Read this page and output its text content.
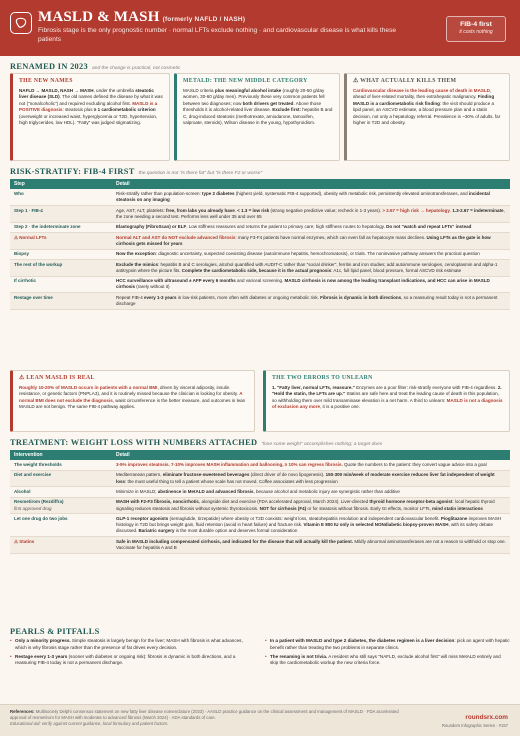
MASLD & MASH (formerly NAFLD / NASH)
Fibrosis stage is the only prognostic number · normal LFTs exclude nothing · and cardiovascular disease is what kills these patients
FIB-4 first
it costs nothing
RENAMED IN 2023 and the change is practical, not cosmetic
THE NEW NAMES

NAFLD → MASLD, NASH → MASH, under the umbrella steatotic liver disease (SLD). The old names defined the disease by what it was not ("nonalcoholic") and required excluding alcohol first. MASLD is a POSITIVE diagnosis: steatosis plus ≥ 1 cardiometabolic criterion (overweight or increased waist, hyperglycemia or T2D, hypertension, high triglycerides, low HDL). "Fatty" was judged stigmatizing.

METALD: THE NEW MIDDLE CATEGORY

MASLD criteria plus meaningful alcohol intake (roughly 20-50 g/day women, 30-60 g/day men). Previously these very common patients fell between two diagnoses; now both drivers get treated. Above those thresholds it is alcohol-related liver disease. Exclude first: hepatitis B and C, drug-induced steatosis (methotrexate, amiodarone, tamoxifen, valproate, steroids), Wilson disease in the young, hypothyroidism.

⚠ WHAT ACTUALLY KILLS THEM

Cardiovascular disease is the leading cause of death in MASLD, ahead of liver-related mortality, then extrahepatic malignancy. Finding MASLD is a cardiometabolic risk finding: the visit should produce a lipid panel, an ASCVD estimate, a blood pressure plan and a statin decision, not only a hepatology referral. Prevalence is ~30% of adults, far higher in T2D and obesity.

RISK-STRATIFY: FIB-4 FIRST the question is not "is there fat" but "is there F2 or worse"
Step	Detail
Who	Risk-stratify rather than population-screen: type 2 diabetes (highest yield, systematic FIB-4 supported), obesity with metabolic risk, persistently elevated aminotransferases, and incidental steatosis on any imaging
Step 1 · FIB-4	Age, AST, ALT, platelets: free, from labs you already have. < 1.3 = low risk (strong negative predictive value; recheck in 1-3 years). > 2.67 = high risk → hepatology. 1.3-2.67 = indeterminate, the zone needing a second test. Performs less well under 35 and over 65
Step 2 · the indeterminate zone	Elastography (FibroScan) or ELF. Low stiffness reassures and returns the patient to primary care; high stiffness routes to hepatology. Do not "watch and repeat LFTs" instead
⚠ Normal LFTs	Normal ALT and AST do NOT exclude advanced fibrosis: many F3-F4 patients have normal enzymes, which can even fall as hepatocyte mass declines. Using LFTs as the gate is how cirrhosis gets missed for years
Biopsy	Now the exception: diagnostic uncertainty, suspected coexisting disease (autoimmune hepatitis, hemochromatosis), or trials. The noninvasive pathway answers the practical question
The rest of the workup	Exclude the mimics: hepatitis B and C serologies, alcohol quantified with AUDIT-C rather than "social drinker", ferritin and iron studies; add autoimmune serologies, ceruloplasmin and alpha-1 antitrypsin where the picture fits. Complete the cardiometabolic side, because it is the actual prognosis: A1c, full lipid panel, blood pressure, formal ASCVD risk estimate
If cirrhotic	HCC surveillance with ultrasound ± AFP every 6 months and variceal screening. MASLD cirrhosis is now among the leading transplant indications, and HCC can arise in MASLD cirrhosis (rarely without it)
Restage over time	Repeat FIB-4 every 1-3 years in low-risk patients, more often with diabetes or ongoing metabolic risk. Fibrosis is dynamic in both directions, so a reassuring result today is not a permanent discharge
⚠ LEAN MASLD IS REAL

Roughly 10-20% of MASLD occurs in patients with a normal BMI, driven by visceral adiposity, insulin resistance, or genetic factors (PNPLA3), and it is routinely missed because the clinician is looking for obesity. A normal BMI does not exclude the diagnosis, waist circumference is the better measure, and outcomes in lean MASLD are not benign. The same FIB-4 pathway applies.

THE TWO ERRORS TO UNLEARN

1. "Fatty liver, normal LFTs, reassure." Enzymes are a poor filter: risk-stratify everyone with FIB-4 regardless. 2. "Hold the statin, the LFTs are up." Statins are safe here and treat the leading cause of death in this population, so withholding them over mild transaminase elevation is a net harm. A third to unlearn: MASLD is not a diagnosis of exclusion any more, it is a positive one.

TREATMENT: WEIGHT LOSS WITH NUMBERS ATTACHED "lose some weight" accomplishes nothing; a target does
Intervention	Detail
The weight thresholds	3-5% improves steatosis. 7-10% improves MASH inflammation and ballooning, ≥ 10% can regress fibrosis. Quote the numbers to the patient: they convert vague advice into a goal
Diet and exercise	Mediterranean pattern, eliminate fructose-sweetened beverages (direct driver of de novo lipogenesis). 150-300 min/week of moderate exercise reduces liver fat independent of weight loss: the most useful thing to tell a patient whose scale has not moved. Coffee associates with less progression
Alcohol	Minimize in MASLD; abstinence in MetALD and advanced fibrosis, because alcohol and metabolic injury are synergistic rather than additive

Resmetirom (Rezdiffra)
first approved drug	MASH with F2-F3 fibrosis, noncirrhotic, alongside diet and exercise (FDA accelerated approval, March 2024). Liver-directed thyroid hormone receptor-beta agonist: local hepatic thyroid signaling reduces steatosis and fibrosis without systemic thyrotoxicosis. NOT for cirrhosis (F4) or for steatosis without fibrosis. Early GI effects, monitor LFTs, mind statin interactions
Let one drug do two jobs	GLP-1 receptor agonists (semaglutide, tirzepatide) where obesity or T2D coexists: weight loss, steatohepatitis resolution and independent cardiovascular benefit. Pioglitazone improves MASH histology in T2D but brings weight gain, fluid retention (avoid in heart failure) and fracture risk. Vitamin E 800 IU only in selected NONdiabetic biopsy-proven MASH, with its safety debate discussed. Bariatric surgery is the most durable option and deserves formal consideration
⚠ Statins	Safe in MASLD including compensated cirrhosis, and indicated for the disease that will actually kill the patient. Mildly abnormal aminotransferases are not a reason to withhold or stop one. Vaccinate for hepatitis A and B
PEARLS & PITFALLS
• Only a minority progress. Simple steatosis is largely benign for the liver; MASH with fibrosis is what advances, which is why fibrosis stage rather than the presence of fat drives every decision.
• Restage every 1-3 years (sooner with diabetes or ongoing risk): fibrosis is dynamic in both directions, and a reassuring FIB-4 today is not a permanent discharge.
• In a patient with MASLD and type 2 diabetes, the diabetes regimen is a liver decision: pick an agent with hepatic benefit rather than treating the two problems in separate clinics.
• The renaming is not trivia. A resident who still says "NAFLD, exclude alcohol first" will miss MetALD entirely and skip the cardiometabolic workup the new criteria force.
References: Multisociety Delphi consensus statement on new fatty liver disease nomenclature (2023) · AASLD practice guidance on the clinical assessment and management of MASLD · FDA accelerated approval of resmetirom for MASH with moderate to advanced fibrosis (March 2024) · ADA standards of care.
Educational aid: verify against current guidance, local formulary and patient factors.
roundsrx.com
Rounders Infographic Series · #157
